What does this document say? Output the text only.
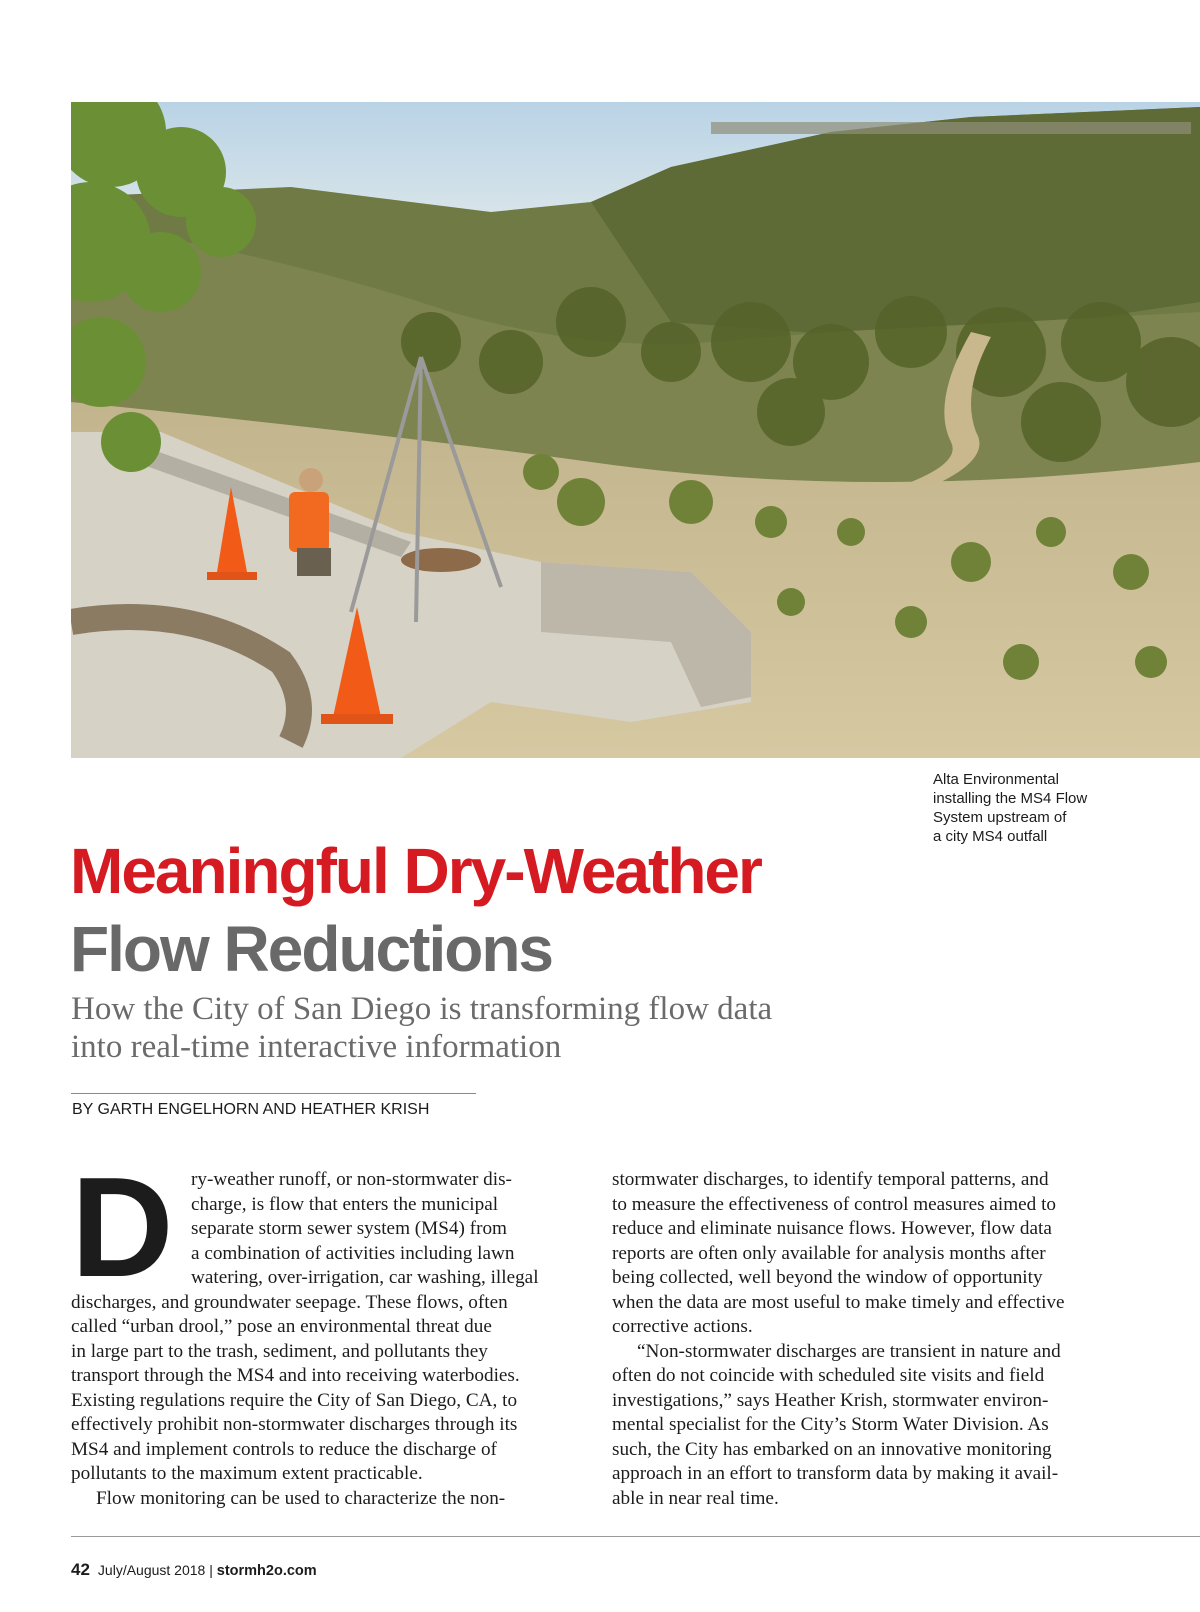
Alta Environmental
installing the MS4 Flow
System upstream of
a city MS4 outfall
Meaningful Dry-Weather
Flow Reductions
How the City of San Diego is transforming flow data
into real-time interactive information
BY GARTH ENGELHORN AND HEATHER KRISH
D ry-weather runoff, or non-stormwater dis-
charge, is flow that enters the municipal
separate storm sewer system (MS4) from
a combination of activities including lawn
watering, over-irrigation, car washing, illegal
discharges, and groundwater seepage. These flows, often
called “urban drool,” pose an environmental threat due
in large part to the trash, sediment, and pollutants they
transport through the MS4 and into receiving waterbodies.
Existing regulations require the City of San Diego, CA, to
effectively prohibit non-stormwater discharges through its
MS4 and implement controls to reduce the discharge of
pollutants to the maximum extent practicable.
Flow monitoring can be used to characterize the non-
stormwater discharges, to identify temporal patterns, and
to measure the effectiveness of control measures aimed to
reduce and eliminate nuisance flows. However, flow data
reports are often only available for analysis months after
being collected, well beyond the window of opportunity
when the data are most useful to make timely and effective
corrective actions.
“Non-stormwater discharges are transient in nature and
often do not coincide with scheduled site visits and field
investigations,” says Heather Krish, stormwater environ-
mental specialist for the City’s Storm Water Division. As
such, the City has embarked on an innovative monitoring
approach in an effort to transform data by making it avail-
able in near real time.
42 July/August 2018 | stormh2o.com
